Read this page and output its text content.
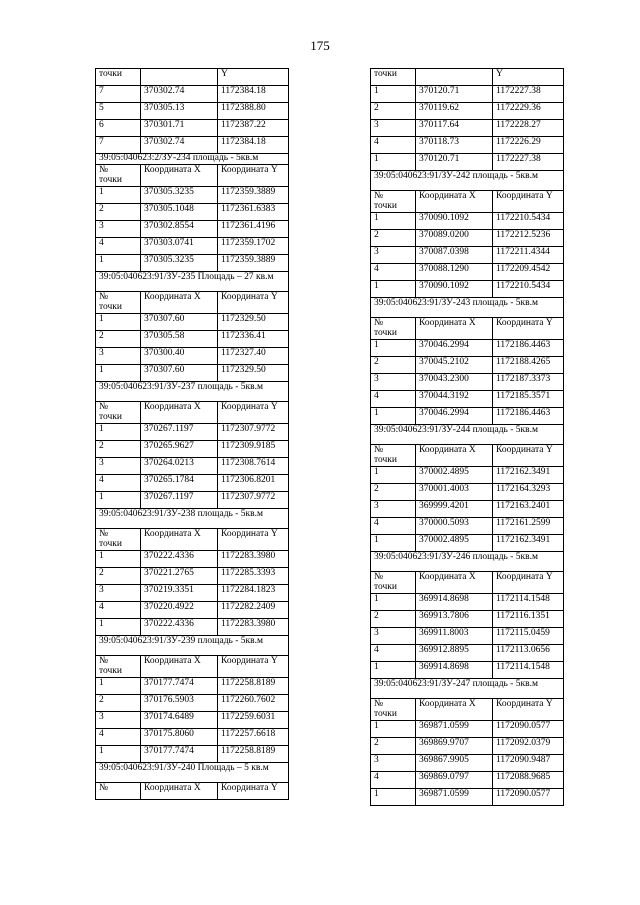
175
точки		Y
7	370302.74	1172384.18
5	370305.13	1172388.80
6	370301.71	1172387.22
7	370302.74	1172384.18
39:05:040623:2/ЗУ-234 площадь - 5кв.м		
№
точки	Координата X	Координата Y
1	370305.3235	1172359.3889
2	370305.1048	1172361.6383
3	370302.8554	1172361.4196
4	370303.0741	1172359.1702
1	370305.3235	1172359.3889
39:05:040623:91/ЗУ-235 Площадь – 27 кв.м		
№
точки	Координата X	Координата Y
1	370307.60	1172329.50
2	370305.58	1172336.41
3	370300.40	1172327.40
1	370307.60	1172329.50
39:05:040623:91/ЗУ-237 площадь - 5кв.м		
№
точки	Координата X	Координата Y
1	370267.1197	1172307.9772
2	370265.9627	1172309.9185
3	370264.0213	1172308.7614
4	370265.1784	1172306.8201
1	370267.1197	1172307.9772
39:05:040623:91/ЗУ-238 площадь - 5кв.м		
№
точки	Координата X	Координата Y
1	370222.4336	1172283.3980
2	370221.2765	1172285.3393
3	370219.3351	1172284.1823
4	370220.4922	1172282.2409
1	370222.4336	1172283.3980
39:05:040623:91/ЗУ-239 площадь - 5кв.м		
№
точки	Координата X	Координата Y
1	370177.7474	1172258.8189
2	370176.5903	1172260.7602
3	370174.6489	1172259.6031
4	370175.8060	1172257.6618
1	370177.7474	1172258.8189
39:05:040623:91/ЗУ-240 Площадь – 5 кв.м		
№	Координата X	Координата Y
точки		Y
1	370120.71	1172227.38
2	370119.62	1172229.36
3	370117.64	1172228.27
4	370118.73	1172226.29
1	370120.71	1172227.38
39:05:040623:91/ЗУ-242 площадь - 5кв.м		
№
точки	Координата X	Координата Y
1	370090.1092	1172210.5434
2	370089.0200	1172212.5236
3	370087.0398	1172211.4344
4	370088.1290	1172209.4542
1	370090.1092	1172210.5434
39:05:040623:91/ЗУ-243 площадь - 5кв.м		
№
точки	Координата X	Координата Y
1	370046.2994	1172186.4463
2	370045.2102	1172188.4265
3	370043.2300	1172187.3373
4	370044.3192	1172185.3571
1	370046.2994	1172186.4463
39:05:040623:91/ЗУ-244 площадь - 5кв.м		
№
точки	Координата X	Координата Y
1	370002.4895	1172162.3491
2	370001.4003	1172164.3293
3	369999.4201	1172163.2401
4	370000.5093	1172161.2599
1	370002.4895	1172162.3491
39:05:040623:91/ЗУ-246 площадь - 5кв.м		
№
точки	Координата X	Координата Y
1	369914.8698	1172114.1548
2	369913.7806	1172116.1351
3	369911.8003	1172115.0459
4	369912.8895	1172113.0656
1	369914.8698	1172114.1548
39:05:040623:91/ЗУ-247 площадь - 5кв.м		
№
точки	Координата X	Координата Y
1	369871.0599	1172090.0577
2	369869.9707	1172092.0379
3	369867.9905	1172090.9487
4	369869.0797	1172088.9685
1	369871.0599	1172090.0577
